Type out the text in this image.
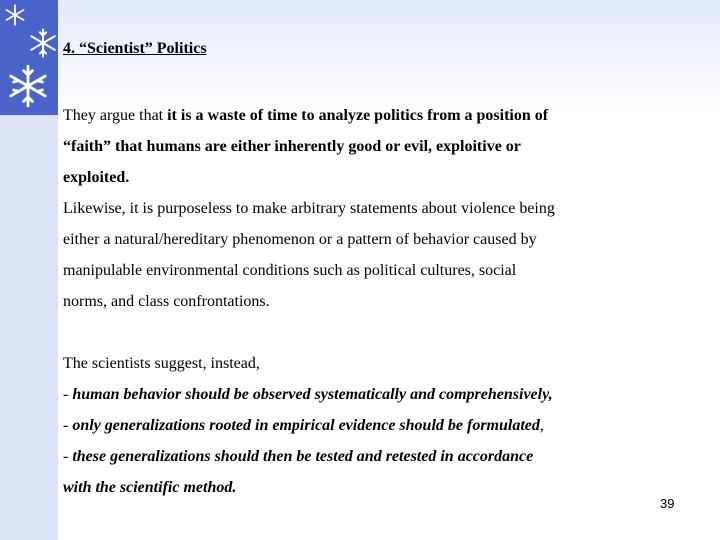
4. “Scientist” Politics
They argue that it is a waste of time to analyze politics from a position of
“faith” that humans are either inherently good or evil, exploitive or
exploited.
Likewise, it is purposeless to make arbitrary statements about violence being
either a natural/hereditary phenomenon or a pattern of behavior caused by
manipulable environmental conditions such as political cultures, social
norms, and class confrontations.
The scientists suggest, instead,
- human behavior should be observed systematically and comprehensively,
- only generalizations rooted in empirical evidence should be formulated,
- these generalizations should then be tested and retested in accordance
with the scientific method.
39
